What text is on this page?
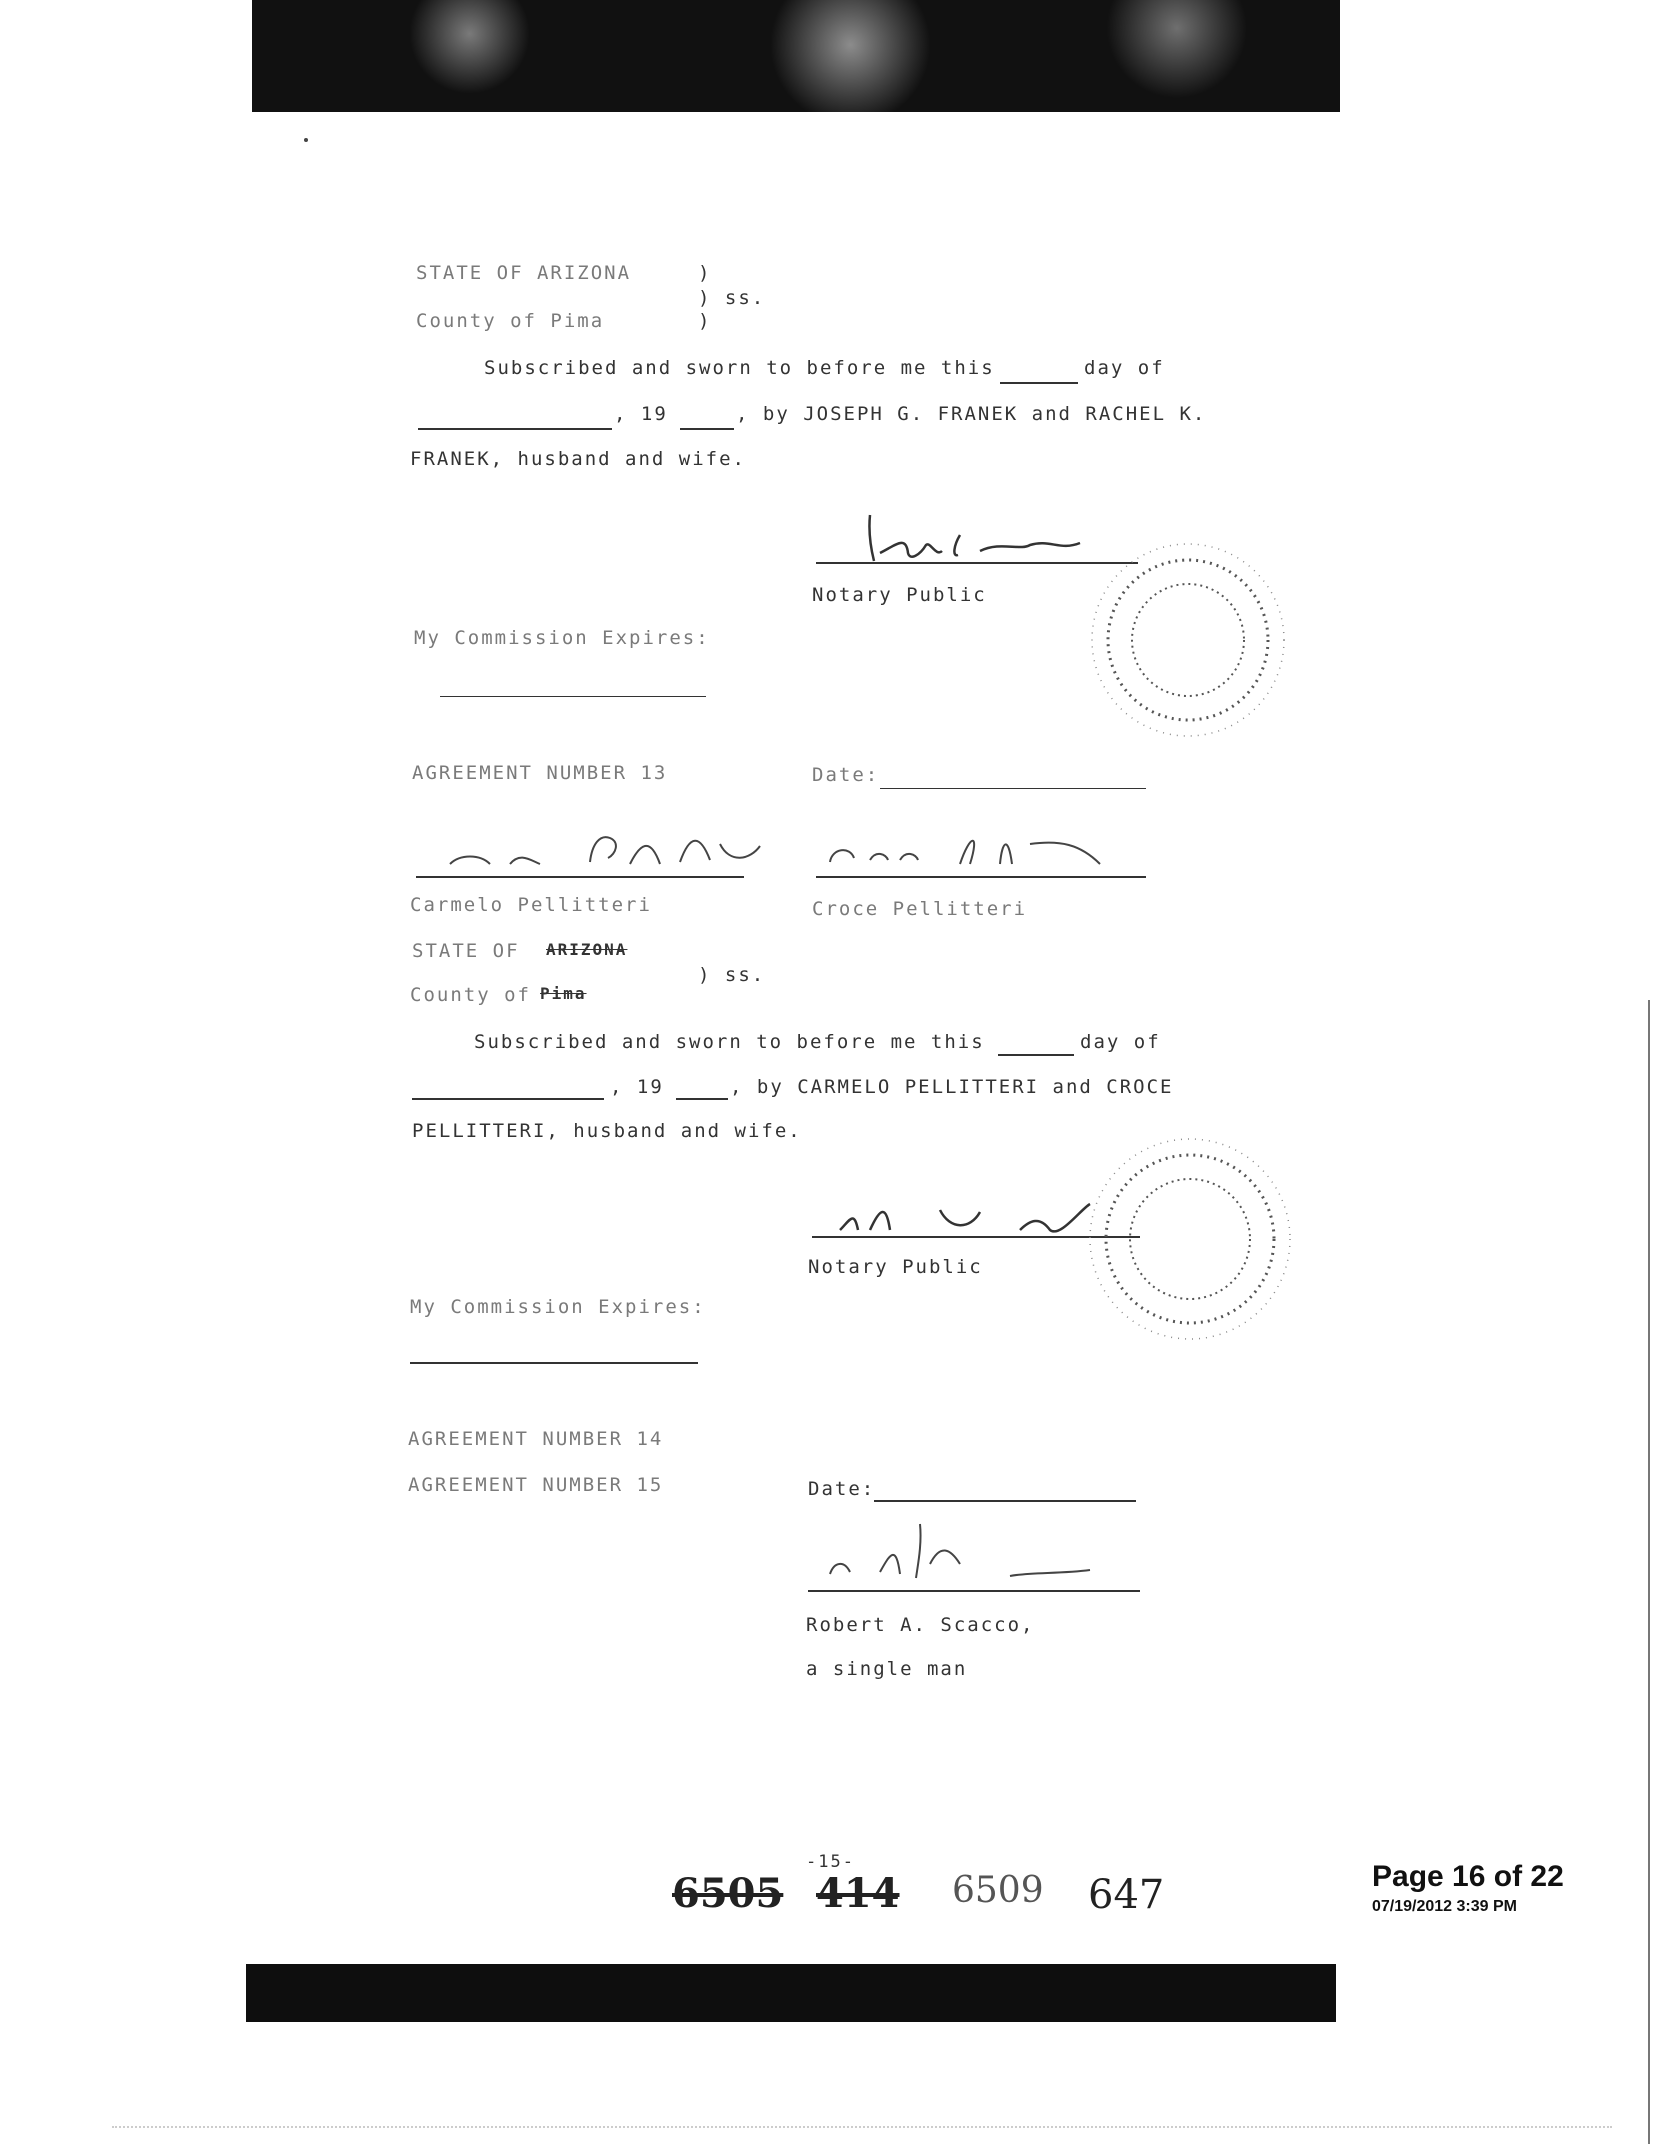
STATE OF ARIZONA	)
) ss.
County of Pima	)
Subscribed and sworn to before me this	day of
, 19	, by JOSEPH G. FRANEK and RACHEL K.
FRANEK, husband and wife.
Notary Public
My Commission Expires:
AGREEMENT NUMBER 13	Date:
Carmelo Pellitteri	Croce Pellitteri
STATE OF ARIZONA
County of Pima
) ss.
Subscribed and sworn to before me this	day of
, 19	, by CARMELO PELLITTERI and CROCE
PELLITTERI, husband and wife.
Notary Public
My Commission Expires:
AGREEMENT NUMBER 14
AGREEMENT NUMBER 15	Date:
Robert A. Scacco,
a single man
-15-
6505 414 6509 647	Page 16 of 22
07/19/2012 3:39 PM
